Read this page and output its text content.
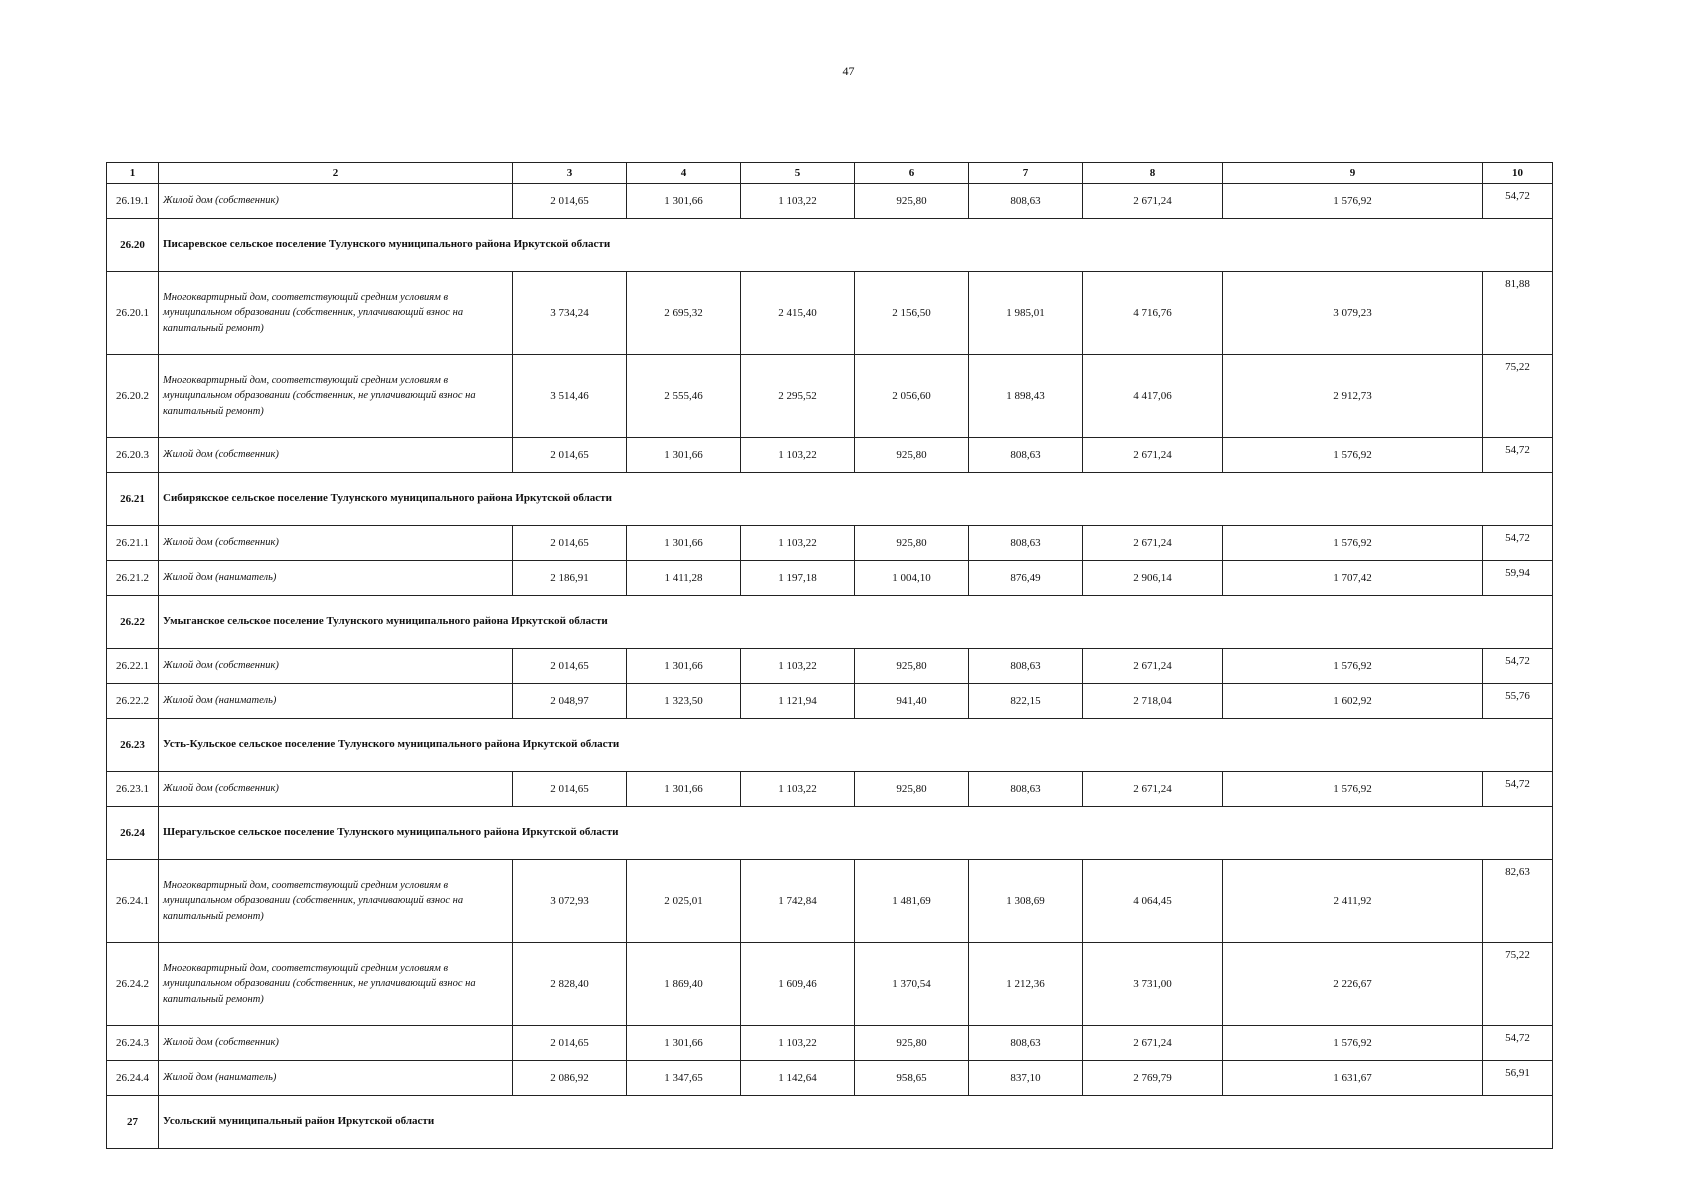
47
1	2	3	4	5	6	7	8	9	10
26.19.1	Жилой дом (собственник)	2 014,65	1 301,66	1 103,22	925,80	808,63	2 671,24	1 576,92	54,72
26.20	Писаревское сельское поселение Тулунского муниципального района Иркутской области								
26.20.1	Многоквартирный дом, соответствующий средним условиям в муниципальном образовании (собственник, уплачивающий взнос на капитальный ремонт)	3 734,24	2 695,32	2 415,40	2 156,50	1 985,01	4 716,76	3 079,23	81,88
26.20.2	Многоквартирный дом, соответствующий средним условиям в муниципальном образовании (собственник, не уплачивающий взнос на капитальный ремонт)	3 514,46	2 555,46	2 295,52	2 056,60	1 898,43	4 417,06	2 912,73	75,22
26.20.3	Жилой дом (собственник)	2 014,65	1 301,66	1 103,22	925,80	808,63	2 671,24	1 576,92	54,72
26.21	Сибирякское сельское поселение Тулунского муниципального района Иркутской области								
26.21.1	Жилой дом (собственник)	2 014,65	1 301,66	1 103,22	925,80	808,63	2 671,24	1 576,92	54,72
26.21.2	Жилой дом (наниматель)	2 186,91	1 411,28	1 197,18	1 004,10	876,49	2 906,14	1 707,42	59,94
26.22	Умыганское сельское поселение Тулунского муниципального района Иркутской области								
26.22.1	Жилой дом (собственник)	2 014,65	1 301,66	1 103,22	925,80	808,63	2 671,24	1 576,92	54,72
26.22.2	Жилой дом (наниматель)	2 048,97	1 323,50	1 121,94	941,40	822,15	2 718,04	1 602,92	55,76
26.23	Усть-Кульское сельское поселение Тулунского муниципального района Иркутской области								
26.23.1	Жилой дом (собственник)	2 014,65	1 301,66	1 103,22	925,80	808,63	2 671,24	1 576,92	54,72
26.24	Шерагульское сельское поселение Тулунского муниципального района Иркутской области								
26.24.1	Многоквартирный дом, соответствующий средним условиям в муниципальном образовании (собственник, уплачивающий взнос на капитальный ремонт)	3 072,93	2 025,01	1 742,84	1 481,69	1 308,69	4 064,45	2 411,92	82,63
26.24.2	Многоквартирный дом, соответствующий средним условиям в муниципальном образовании (собственник, не уплачивающий взнос на капитальный ремонт)	2 828,40	1 869,40	1 609,46	1 370,54	1 212,36	3 731,00	2 226,67	75,22
26.24.3	Жилой дом (собственник)	2 014,65	1 301,66	1 103,22	925,80	808,63	2 671,24	1 576,92	54,72
26.24.4	Жилой дом (наниматель)	2 086,92	1 347,65	1 142,64	958,65	837,10	2 769,79	1 631,67	56,91
27	Усольский муниципальный район Иркутской области								
